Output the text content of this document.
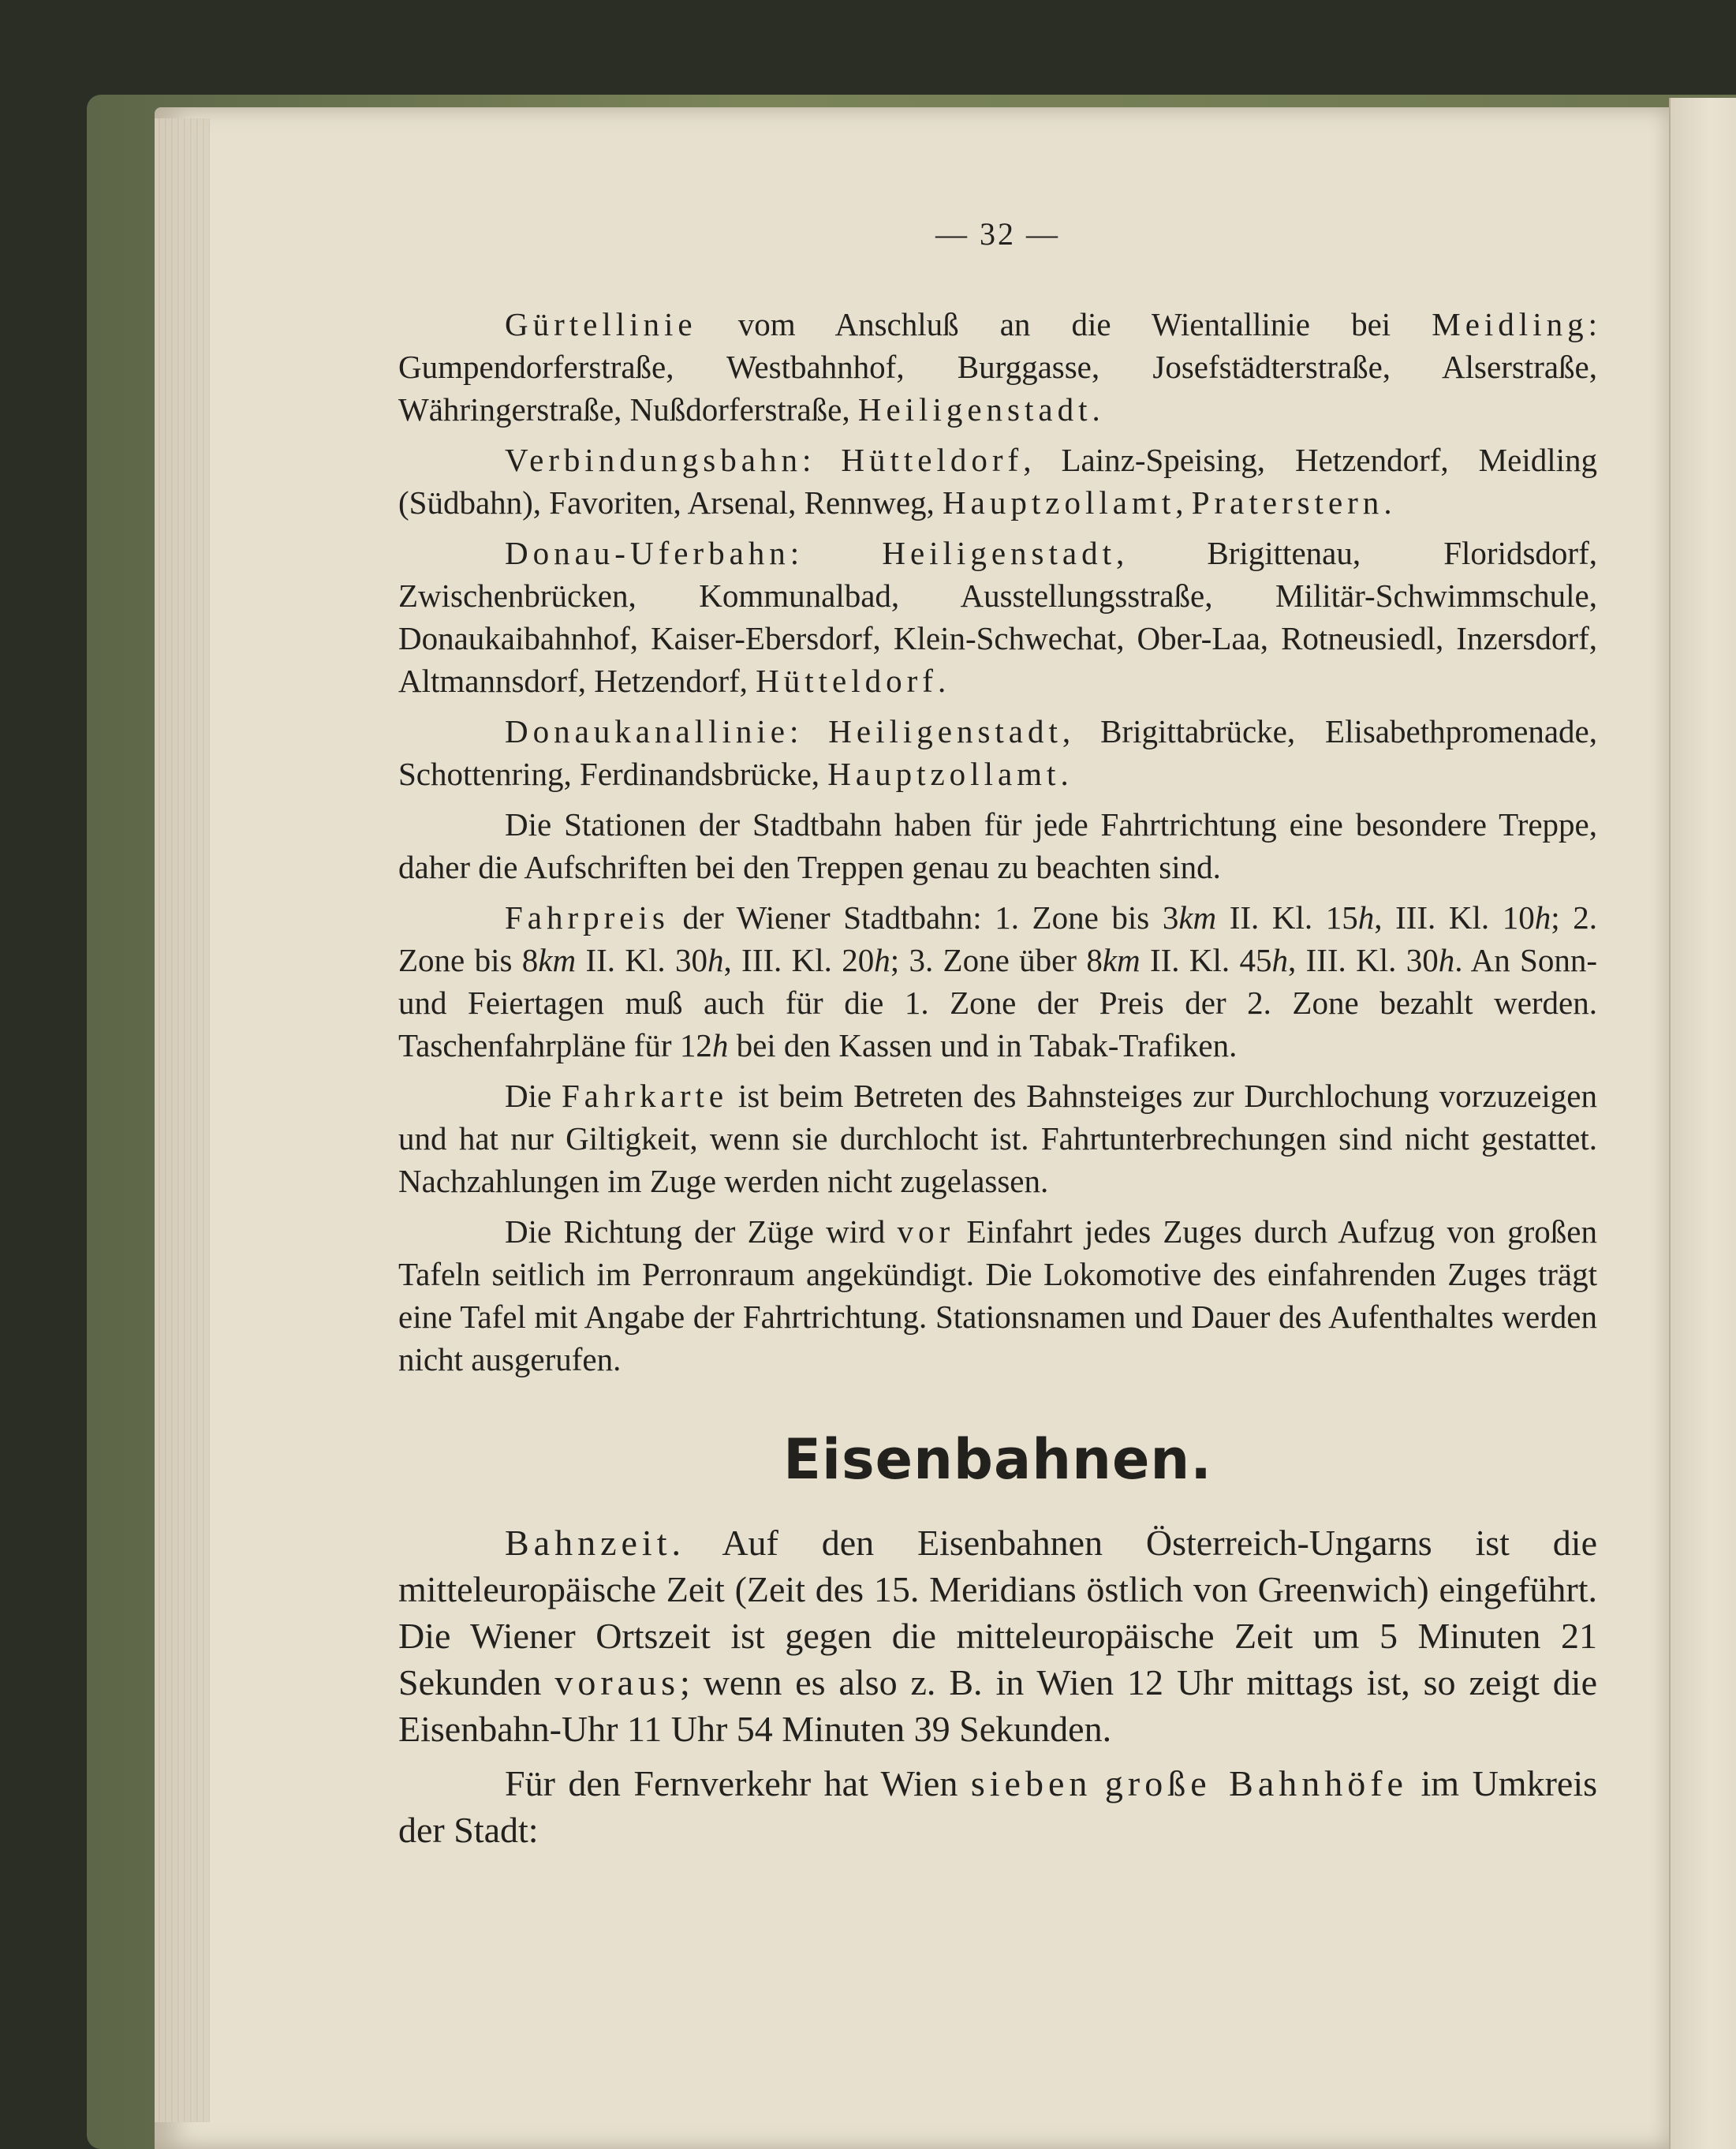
— 32 —

Gürtellinie vom Anschluß an die Wientallinie bei Meidling: Gumpendorferstraße, Westbahnhof, Burggasse, Josefstädterstraße, Alserstraße, Währingerstraße, Nußdorferstraße, Heiligenstadt.

Verbindungsbahn: Hütteldorf, Lainz-Speising, Hetzendorf, Meidling (Südbahn), Favoriten, Arsenal, Rennweg, Hauptzollamt, Praterstern.

Donau-Uferbahn: Heiligenstadt, Brigittenau, Floridsdorf, Zwischenbrücken, Kommunalbad, Ausstellungsstraße, Militär-Schwimmschule, Donaukaibahnhof, Kaiser-Ebersdorf, Klein-Schwechat, Ober-Laa, Rotneusiedl, Inzersdorf, Altmannsdorf, Hetzendorf, Hütteldorf.

Donaukanallinie: Heiligenstadt, Brigittabrücke, Elisabethpromenade, Schottenring, Ferdinandsbrücke, Hauptzollamt.

Die Stationen der Stadtbahn haben für jede Fahrtrichtung eine besondere Treppe, daher die Aufschriften bei den Treppen genau zu beachten sind.

Fahrpreis der Wiener Stadtbahn: 1. Zone bis 3km II. Kl. 15h, III. Kl. 10h; 2. Zone bis 8km II. Kl. 30h, III. Kl. 20h; 3. Zone über 8km II. Kl. 45h, III. Kl. 30h. An Sonn- und Feiertagen muß auch für die 1. Zone der Preis der 2. Zone bezahlt werden. Taschenfahrpläne für 12h bei den Kassen und in Tabak-Trafiken.

Die Fahrkarte ist beim Betreten des Bahnsteiges zur Durchlochung vorzuzeigen und hat nur Giltigkeit, wenn sie durchlocht ist. Fahrtunterbrechungen sind nicht gestattet. Nachzahlungen im Zuge werden nicht zugelassen.

Die Richtung der Züge wird vor Einfahrt jedes Zuges durch Aufzug von großen Tafeln seitlich im Perronraum angekündigt. Die Lokomotive des einfahrenden Zuges trägt eine Tafel mit Angabe der Fahrtrichtung. Stationsnamen und Dauer des Aufenthaltes werden nicht ausgerufen.

Eisenbahnen.

Bahnzeit. Auf den Eisenbahnen Österreich-Ungarns ist die mitteleuropäische Zeit (Zeit des 15. Meridians östlich von Greenwich) eingeführt. Die Wiener Ortszeit ist gegen die mitteleuropäische Zeit um 5 Minuten 21 Sekunden voraus; wenn es also z. B. in Wien 12 Uhr mittags ist, so zeigt die Eisenbahn-Uhr 11 Uhr 54 Minuten 39 Sekunden.

Für den Fernverkehr hat Wien sieben große Bahnhöfe im Umkreis der Stadt:
